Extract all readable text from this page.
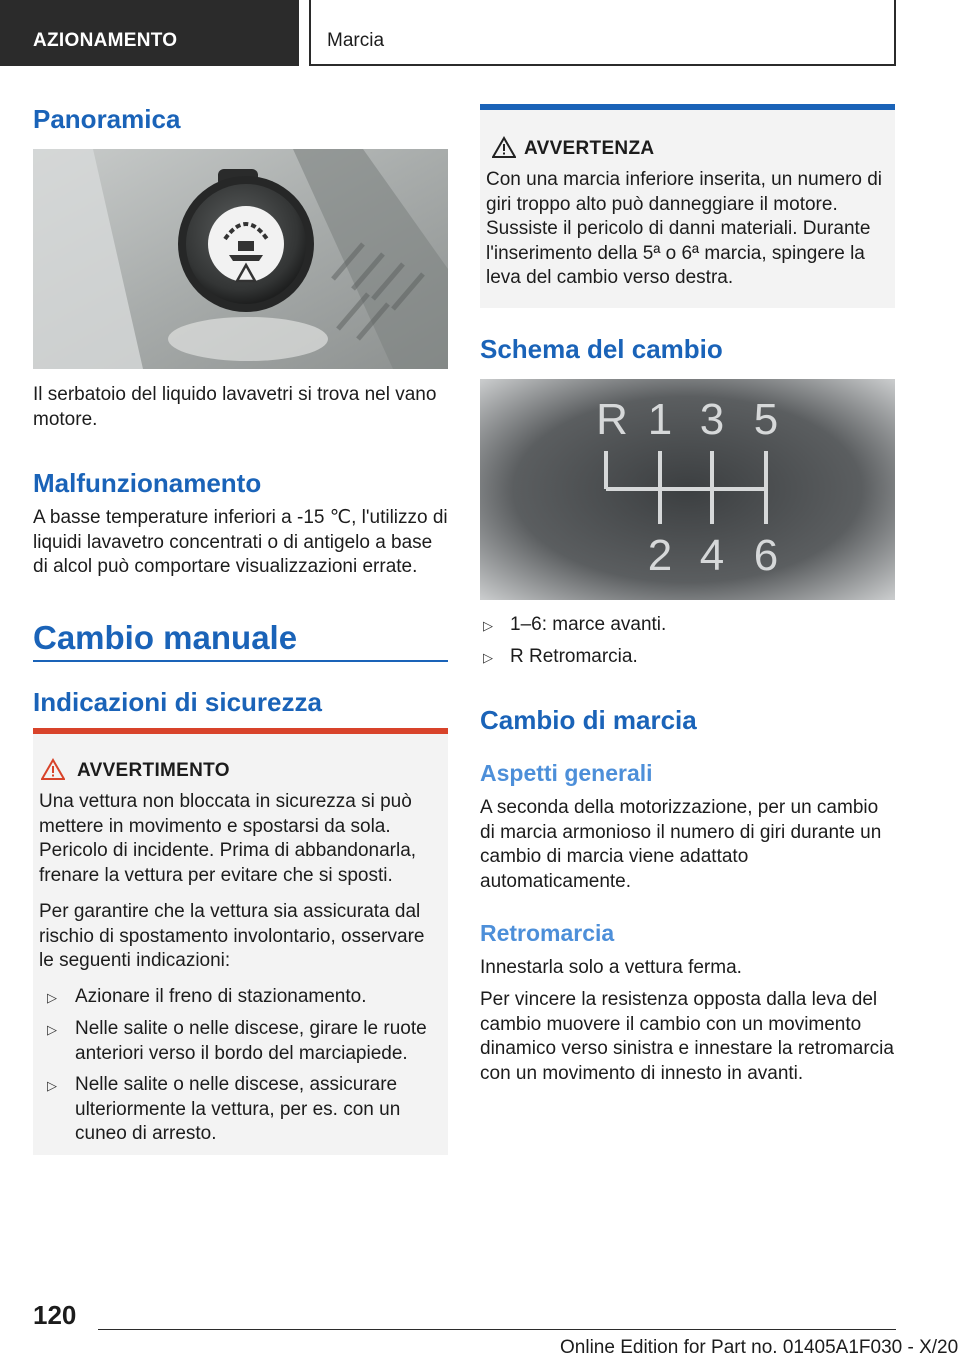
AZIONAMENTO	Marcia
Panoramica
Il serbatoio del liquido lavavetri si trova nel vano motore.
Malfunzionamento
A basse temperature inferiori a -15 ℃, l'utilizzo di liquidi lavavetro concentrati o di antigelo a base di alcol può comportare visualizzazioni errate.
Cambio manuale
Indicazioni di sicurezza
AVVERTIMENTO
Una vettura non bloccata in sicurezza si può mettere in movimento e spostarsi da sola. Pericolo di incidente. Prima di abbandonarla, frenare la vettura per evitare che si sposti.
Per garantire che la vettura sia assicurata dal rischio di spostamento involontario, osservare le seguenti indicazioni:
▷ Azionare il freno di stazionamento.
▷ Nelle salite o nelle discese, girare le ruote anteriori verso il bordo del marciapiede.
▷ Nelle salite o nelle discese, assicurare ulteriormente la vettura, per es. con un cuneo di arresto.
AVVERTENZA
Con una marcia inferiore inserita, un numero di giri troppo alto può danneggiare il motore. Sussiste il pericolo di danni materiali. Durante l'inserimento della 5ª o 6ª marcia, spingere la leva del cambio verso destra.
Schema del cambio
R 1 3 5
2 4 6
▷ 1–6: marce avanti.
▷ R Retromarcia.
Cambio di marcia
Aspetti generali
A seconda della motorizzazione, per un cambio di marcia armonioso il numero di giri durante un cambio di marcia viene adattato automaticamente.
Retromarcia
Innestarla solo a vettura ferma.
Per vincere la resistenza opposta dalla leva del cambio muovere il cambio con un movimento dinamico verso sinistra e innestare la retromarcia con un movimento di innesto in avanti.
120
Online Edition for Part no. 01405A1F030 - X/20
